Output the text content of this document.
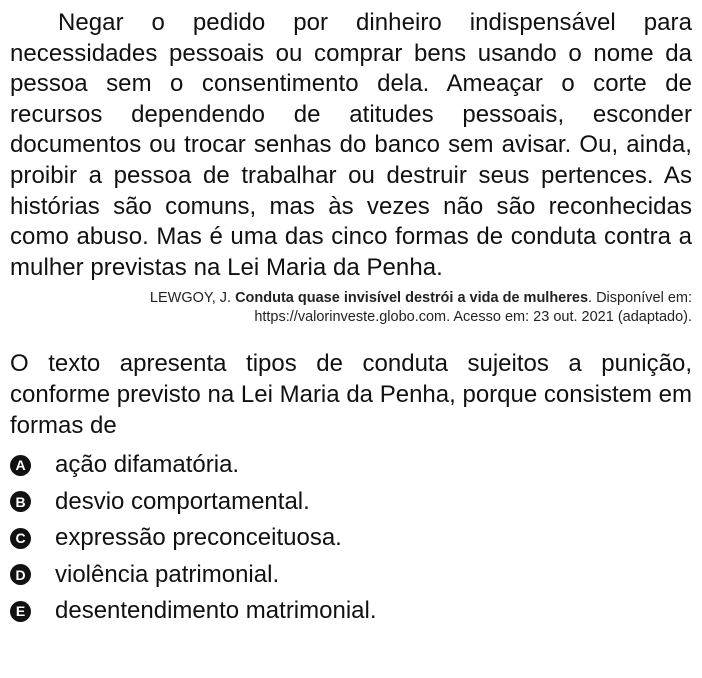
Negar o pedido por dinheiro indispensável para necessidades pessoais ou comprar bens usando o nome da pessoa sem o consentimento dela. Ameaçar o corte de recursos dependendo de atitudes pessoais, esconder documentos ou trocar senhas do banco sem avisar. Ou, ainda, proibir a pessoa de trabalhar ou destruir seus pertences. As histórias são comuns, mas às vezes não são reconhecidas como abuso. Mas é uma das cinco formas de conduta contra a mulher previstas na Lei Maria da Penha.

LEWGOY, J. Conduta quase invisível destrói a vida de mulheres. Disponível em:
https://valorinveste.globo.com. Acesso em: 23 out. 2021 (adaptado).

O texto apresenta tipos de conduta sujeitos a punição, conforme previsto na Lei Maria da Penha, porque consistem em formas de

A ação difamatória.
B desvio comportamental.
C expressão preconceituosa.
D violência patrimonial.
E desentendimento matrimonial.
